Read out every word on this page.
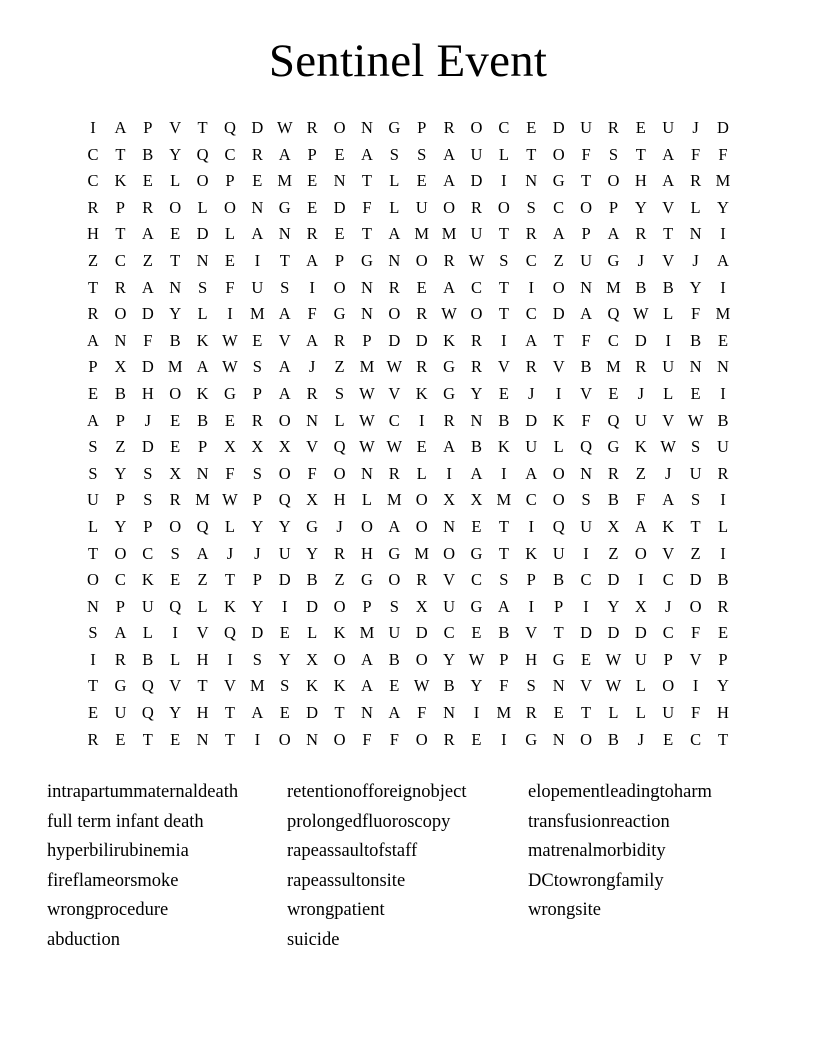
Sentinel Event
I	A	P	V T Q D W R O N G	P	R O C	E D U R	E U	J	D
C	T	B Y Q C R A	P	E A	S	S	A U L	T O	F	S	T A	F	F
C K E	L O	P	E M E N T	L	E A D	I	N G T O H A R M
R	P	R O L O N G E D	F	L U O R O	S	C O	P	Y V L Y
H T A E D L A N R	E	T A M M U T	R A	P	A R	T N	I
Z	C	Z	T N E	I	T A	P	G N O R W S	C	Z U G	J	V	J	A
T	R A N	S	F	U	S	I	O N R	E A C	T	I	O N M B B Y	I
R O D Y L	I	M A	F	G N O R W O T	C D A Q W L	F M
A N	F	B K W E V A R	P	D D K R	I	A T	F	C D	I	B	E
P	X D M A W S	A	J	Z M W R G R V R V B M R U N N
E	B H O K G	P	A R	S W V K G Y E	J	I	V E	J	L	E	I
A	P	J	E	B	E	R O N L W C	I	R N B D K	F	Q U V W B
S	Z D E	P	X X X V Q W W E A B K U L Q G K W S	U
S	Y	S	X N	F	S	O	F	O N R	L	I	A	I	A O N R	Z	J	U R
U	P	S	R M W P	Q X H L M O X X M C O	S	B	F	A	S	I
L Y	P	O Q L Y Y G	J	O A O N E	T	I	Q U X A K T	L
T O C	S	A	J	J	U Y R H G M O G T K U	I	Z O V Z	I
O C K E	Z	T	P	D B	Z G O R V C	S	P	B C D	I	C D B
N	P	U Q L K Y	I	D O	P	S	X U G A	I	P	I	Y X	J	O R
S	A L	I	V Q D E	L K M U D C	E	B V T D D D C	F	E
I	R B	L H	I	S	Y X O A B O Y W P	H G E W U	P	V	P
T G Q V T V M S	K K A E W B Y	F	S	N V W L O	I	Y
E U Q Y H T A E D T N A	F	N	I	M R	E	T	L	L U	F	H
R	E	T	E N T	I	O N O	F	F	O R	E	I	G N O B	J	E	C	T
intrapartummaternaldeath
full term infant death
hyperbilirubinemia
fireflameorsmoke
wrongprocedure
abduction
retentionofforeignobject
prolongedfluoroscopy
rapeassaultofstaff
rapeassultonsite
wrongpatient
suicide
elopementleadingtoharm
transfusionreaction
matrenalmorbidity
DCtowrongfamily
wrongsite
